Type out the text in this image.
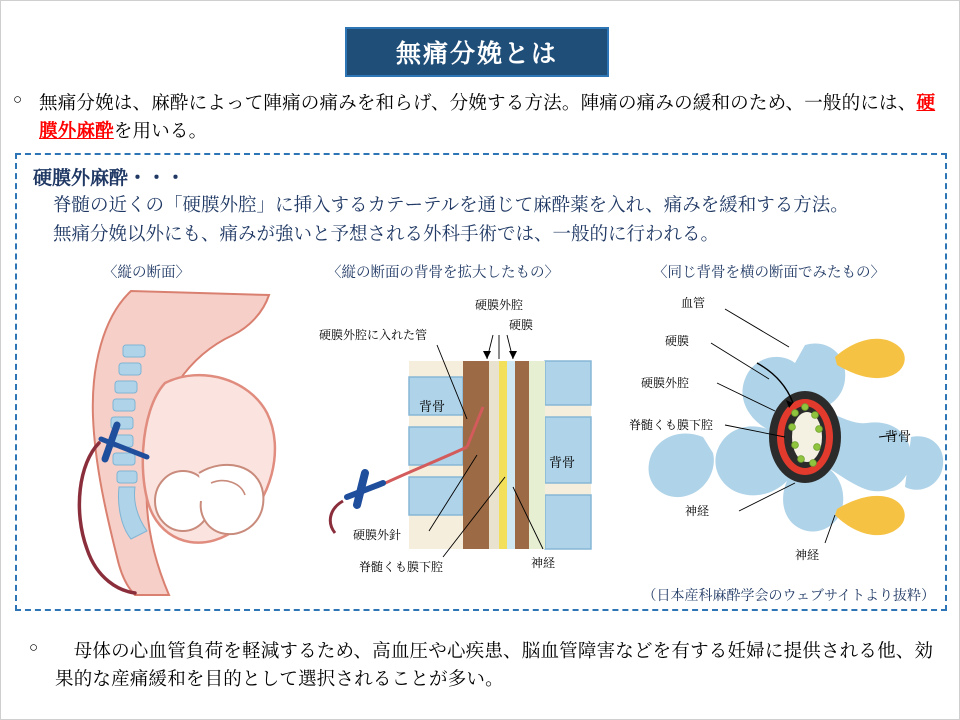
無痛分娩とは
○ 無痛分娩は、麻酔によって陣痛の痛みを和らげ、分娩する方法。陣痛の痛みの緩和のため、一般的には、硬膜外麻酔を用いる。
硬膜外麻酔・・・
脊髄の近くの「硬膜外腔」に挿入するカテーテルを通じて麻酔薬を入れ、痛みを緩和する方法。
無痛分娩以外にも、痛みが強いと予想される外科手術では、一般的に行われる。
〈縦の断面〉	〈縦の断面の背骨を拡大したもの〉
硬膜外腔
硬膜
硬膜外腔に入れた管
背骨
背骨
硬膜外針
脊髄くも膜下腔	神経
〈同じ背骨を横の断面でみたもの〉
血管
硬膜
硬膜外腔
脊髄くも膜下腔
神経
神経
背骨
（日本産科麻酔学会のウェブサイトより抜粋）
○ 　母体の心血管負荷を軽減するため、高血圧や心疾患、脳血管障害などを有する妊婦に提供される他、効果的な産痛緩和を目的として選択されることが多い。
